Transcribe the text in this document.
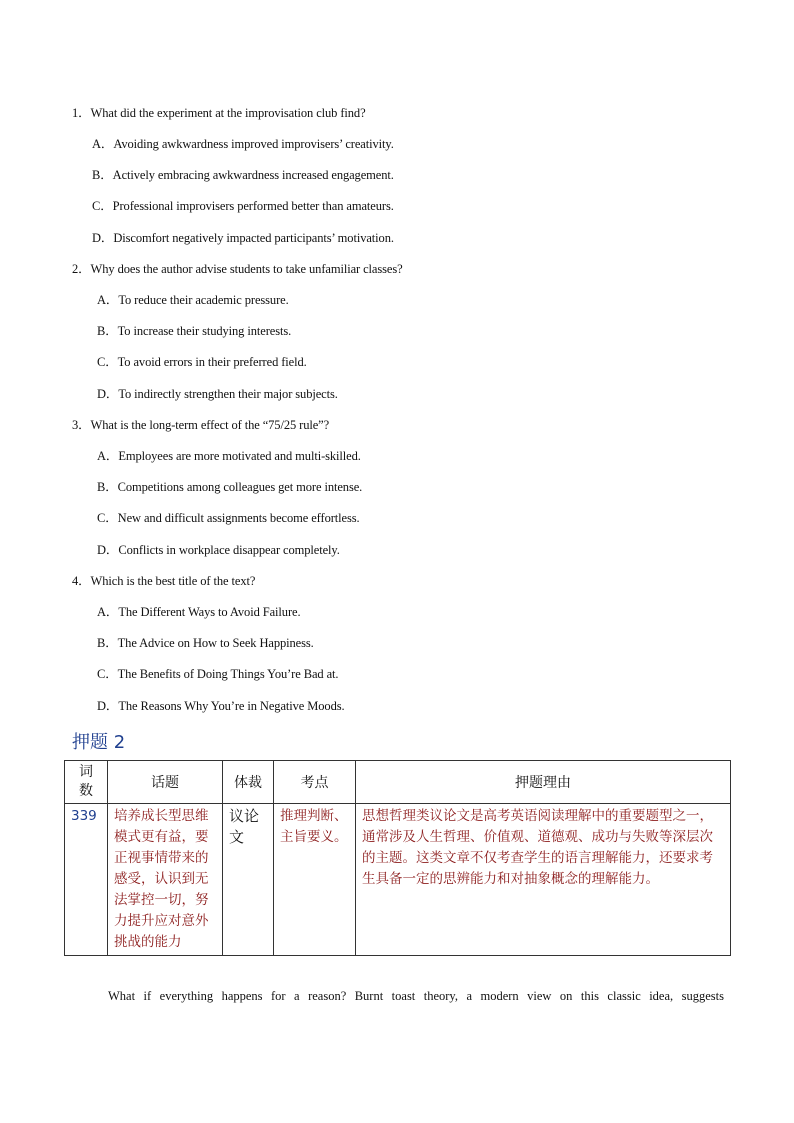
1．What did the experiment at the improvisation club find?
A．Avoiding awkwardness improved improvisers’ creativity.
B．Actively embracing awkwardness increased engagement.
C．Professional improvisers performed better than amateurs.
D．Discomfort negatively impacted participants’ motivation.
2．Why does the author advise students to take unfamiliar classes?
A．To reduce their academic pressure.
B．To increase their studying interests.
C．To avoid errors in their preferred field.
D．To indirectly strengthen their major subjects.
3．What is the long-term effect of the “75/25 rule”?
A．Employees are more motivated and multi-skilled.
B．Competitions among colleagues get more intense.
C．New and difficult assignments become effortless.
D．Conflicts in workplace disappear completely.
4．Which is the best title of the text?
A．The Different Ways to Avoid Failure.
B．The Advice on How to Seek Happiness.
C．The Benefits of Doing Things You’re Bad at.
D．The Reasons Why You’re in Negative Moods.
押题 2
词数	话题	体裁	考点	押题理由
339	培养成长型思维模式更有益，要正视事情带来的感受，认识到无法掌控一切，努力提升应对意外挑战的能力	议论文	推理判断、主旨要义。	思想哲理类议论文是高考英语阅读理解中的重要题型之一，通常涉及人生哲理、价值观、道德观、成功与失败等深层次的主题。这类文章不仅考查学生的语言理解能力，还要求考生具备一定的思辨能力和对抽象概念的理解能力。
What if everything happens for a reason? Burnt toast theory, a modern view on this classic idea, suggests
